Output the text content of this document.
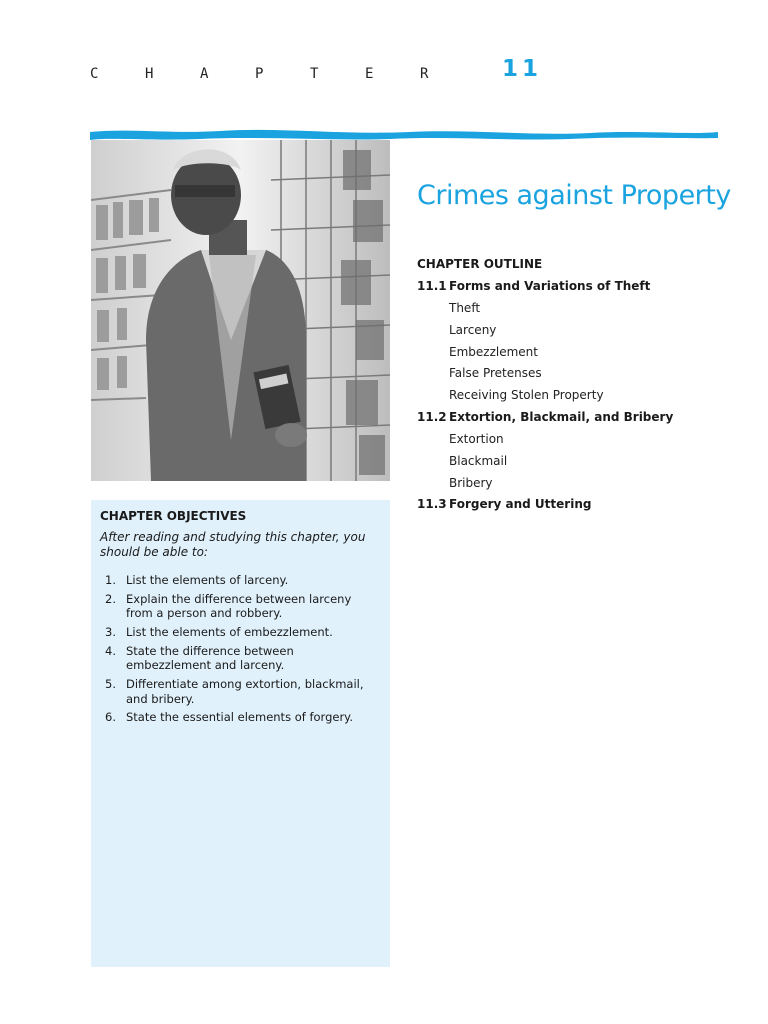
C	H	A	P	T	E	R	11
Crimes against Property
CHAPTER OUTLINE
11.1 Forms and Variations of Theft
Theft
Larceny
Embezzlement
False Pretenses
Receiving Stolen Property
11.2 Extortion, Blackmail, and Bribery
Extortion
Blackmail
Bribery
11.3 Forgery and Uttering
CHAPTER OBJECTIVES
After reading and studying this chapter, you should be able to:
1. List the elements of larceny.
2. Explain the difference between larceny from a person and robbery.
3. List the elements of embezzlement.
4. State the difference between embezzlement and larceny.
5. Differentiate among extortion, blackmail, and bribery.
6. State the essential elements of forgery.
